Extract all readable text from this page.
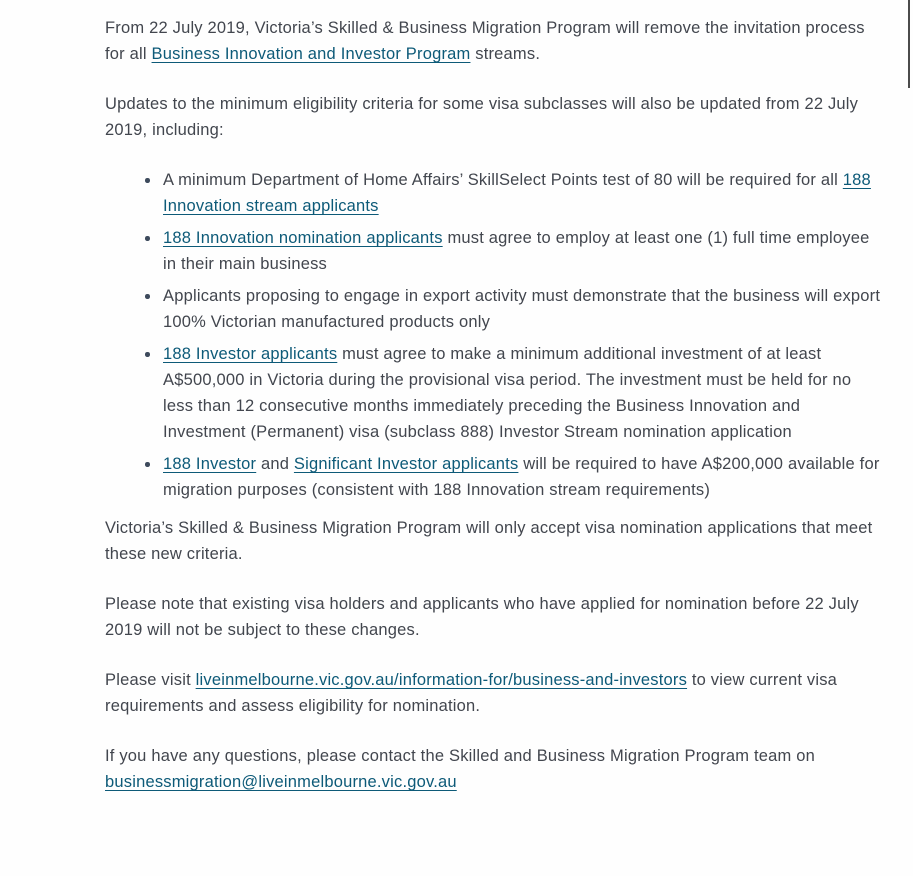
From 22 July 2019, Victoria’s Skilled & Business Migration Program will remove the invitation process for all Business Innovation and Investor Program streams.

Updates to the minimum eligibility criteria for some visa subclasses will also be updated from 22 July 2019, including:

A minimum Department of Home Affairs’ SkillSelect Points test of 80 will be required for all 188 Innovation stream applicants
188 Innovation nomination applicants must agree to employ at least one (1) full time employee in their main business
Applicants proposing to engage in export activity must demonstrate that the business will export 100% Victorian manufactured products only
188 Investor applicants must agree to make a minimum additional investment of at least A$500,000 in Victoria during the provisional visa period. The investment must be held for no less than 12 consecutive months immediately preceding the Business Innovation and Investment (Permanent) visa (subclass 888) Investor Stream nomination application
188 Investor and Significant Investor applicants will be required to have A$200,000 available for migration purposes (consistent with 188 Innovation stream requirements)

Victoria’s Skilled & Business Migration Program will only accept visa nomination applications that meet these new criteria.

Please note that existing visa holders and applicants who have applied for nomination before 22 July 2019 will not be subject to these changes.

Please visit liveinmelbourne.vic.gov.au/information-for/business-and-investors to view current visa requirements and assess eligibility for nomination.

If you have any questions, please contact the Skilled and Business Migration Program team on businessmigration@liveinmelbourne.vic.gov.au
